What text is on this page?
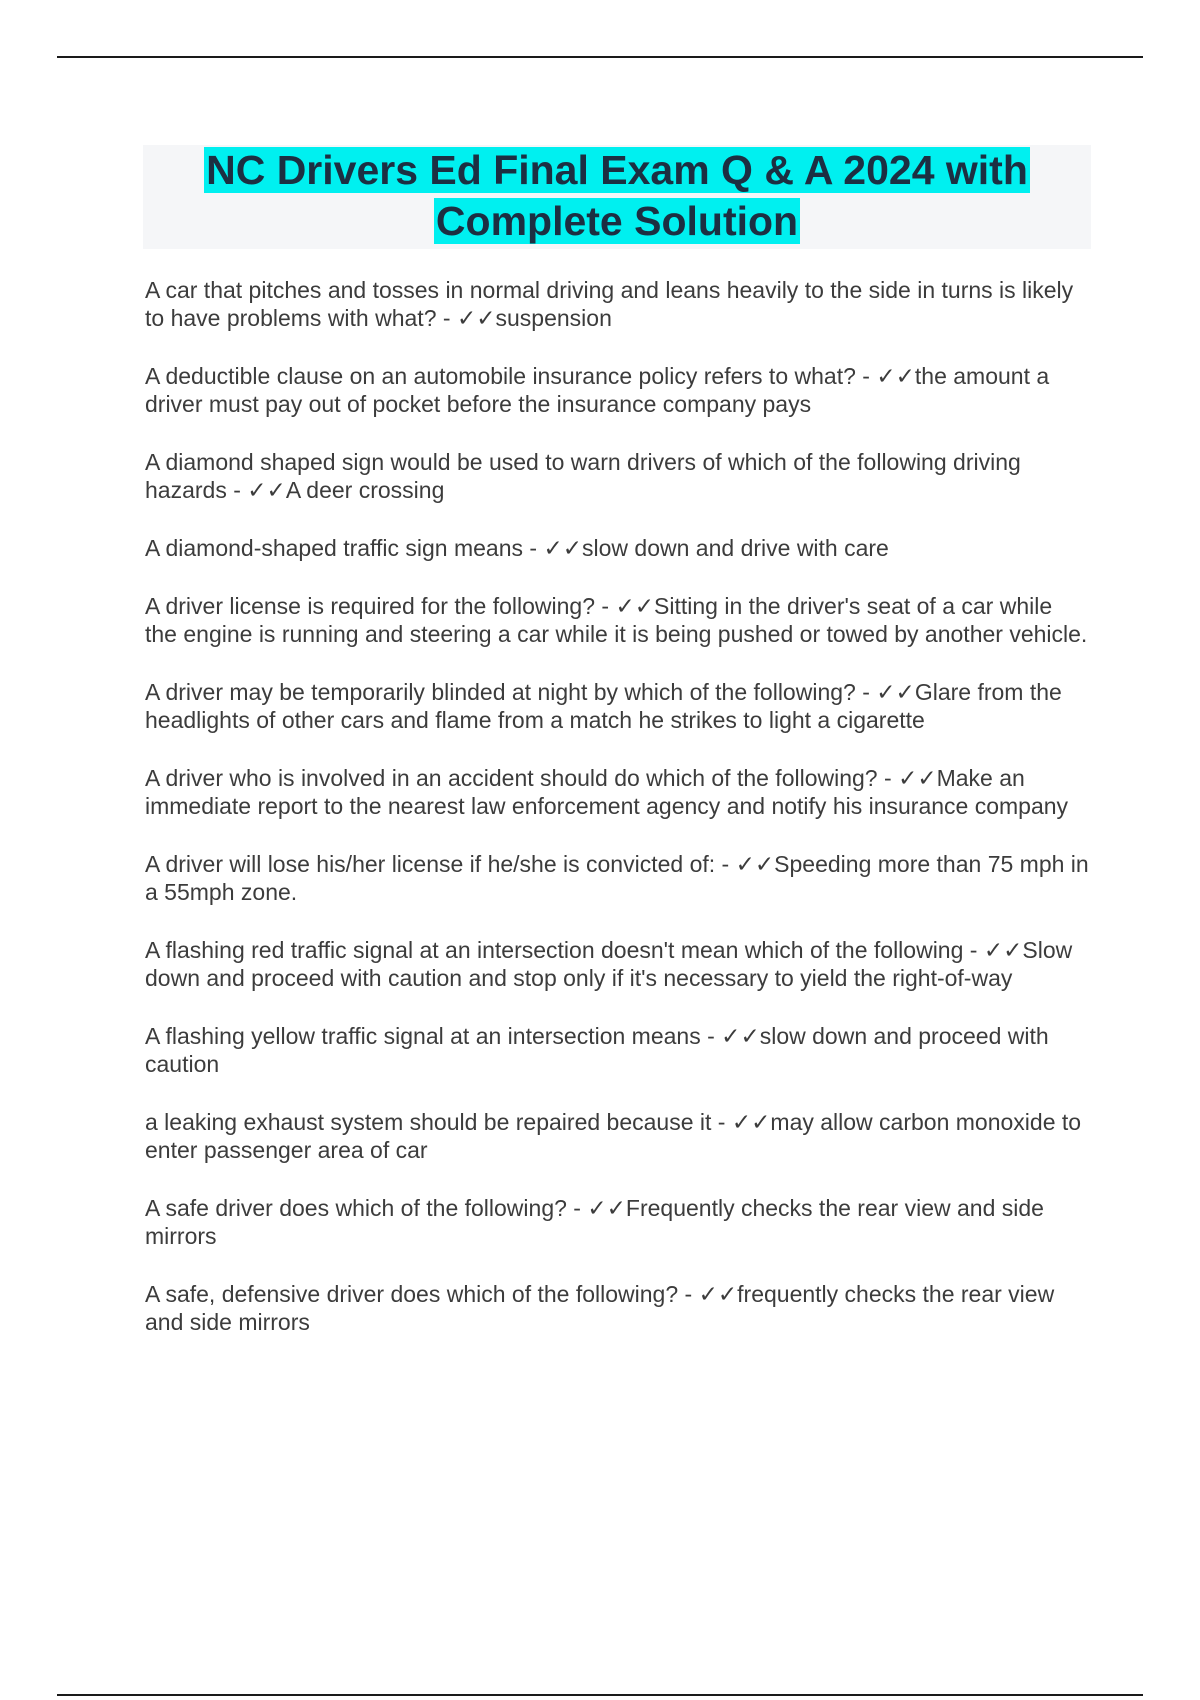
NC Drivers Ed Final Exam Q & A 2024 with
Complete Solution

A car that pitches and tosses in normal driving and leans heavily to the side in turns is likely to have problems with what? - ✓✓suspension

A deductible clause on an automobile insurance policy refers to what? - ✓✓the amount a driver must pay out of pocket before the insurance company pays

A diamond shaped sign would be used to warn drivers of which of the following driving hazards - ✓✓A deer crossing

A diamond-shaped traffic sign means - ✓✓slow down and drive with care

A driver license is required for the following? - ✓✓Sitting in the driver's seat of a car while the engine is running and steering a car while it is being pushed or towed by another vehicle.

A driver may be temporarily blinded at night by which of the following? - ✓✓Glare from the headlights of other cars and flame from a match he strikes to light a cigarette

A driver who is involved in an accident should do which of the following? - ✓✓Make an immediate report to the nearest law enforcement agency and notify his insurance company

A driver will lose his/her license if he/she is convicted of: - ✓✓Speeding more than 75 mph in a 55mph zone.

A flashing red traffic signal at an intersection doesn't mean which of the following - ✓✓Slow down and proceed with caution and stop only if it's necessary to yield the right-of-way

A flashing yellow traffic signal at an intersection means - ✓✓slow down and proceed with caution

a leaking exhaust system should be repaired because it - ✓✓may allow carbon monoxide to enter passenger area of car

A safe driver does which of the following? - ✓✓Frequently checks the rear view and side mirrors

A safe, defensive driver does which of the following? - ✓✓frequently checks the rear view and side mirrors
